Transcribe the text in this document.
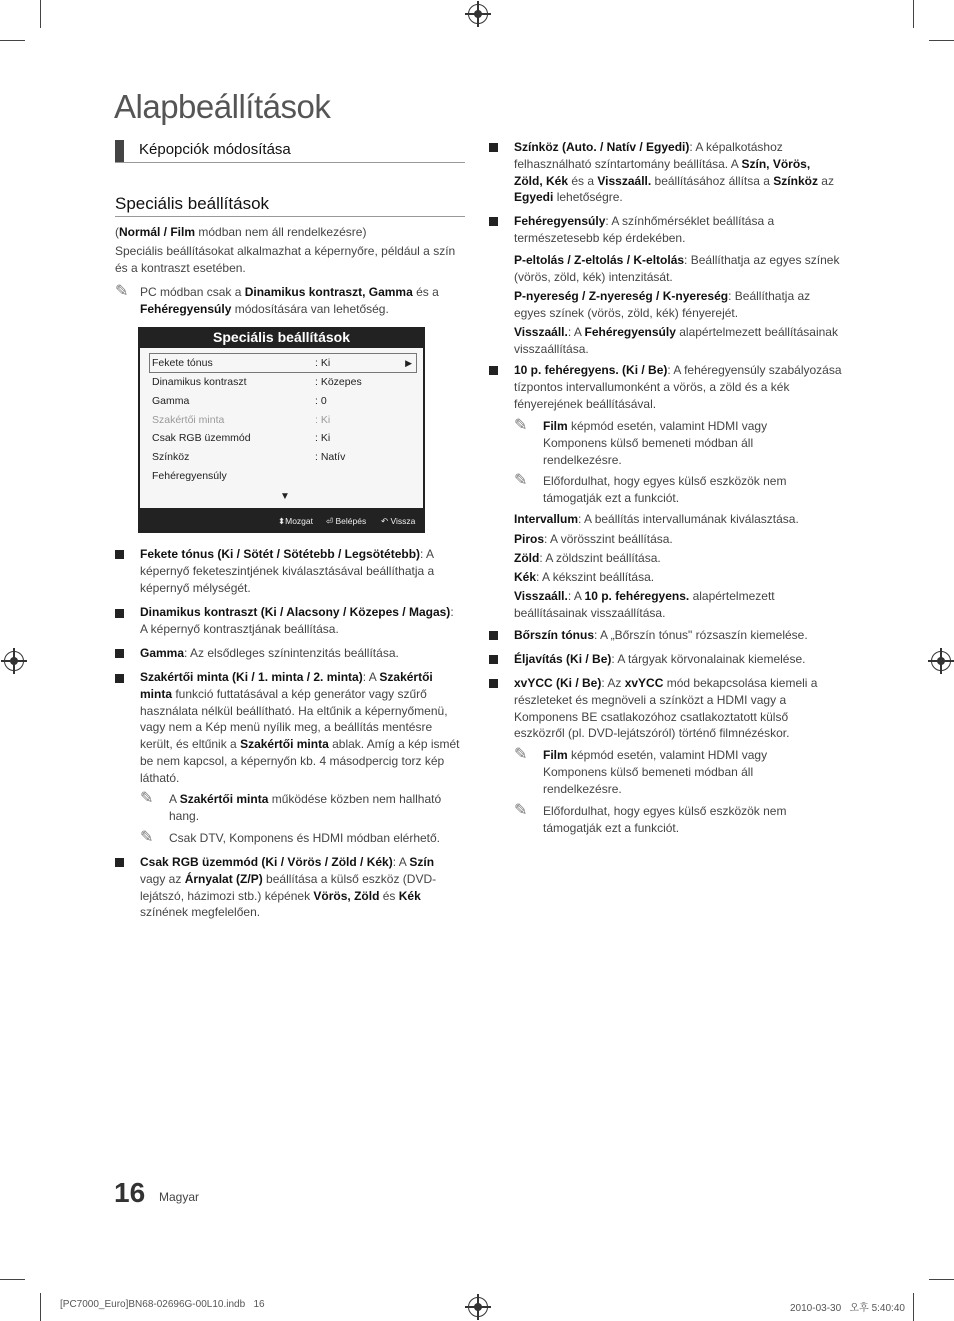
Alapbeállítások
Képopciók módosítása
Speciális beállítások

(Normál / Film módban nem áll rendelkezésre)

Speciális beállításokat alkalmazhat a képernyőre, például a szín és a kontraszt esetében.

✎ PC módban csak a Dinamikus kontraszt, Gamma és a Fehéregyensúly módosítására van lehetőség.

Speciális beállítások
Fekete tónus	: Ki	▶
Dinamikus kontraszt	: Közepes
Gamma	: 0
Szakértői minta	: Ki
Csak RGB üzemmód	: Ki
Színköz	: Natív
Fehéregyensúly
▼
⬍Mozgat ⏎ Belépés ↶ Vissza

Fekete tónus (Ki / Sötét / Sötétebb / Legsötétebb): A képernyő feketeszintjének kiválasztásával beállíthatja a képernyő mélységét.

Dinamikus kontraszt (Ki / Alacsony / Közepes / Magas): A képernyő kontrasztjának beállítása.

Gamma: Az elsődleges színintenzitás beállítása.

Szakértői minta (Ki / 1. minta / 2. minta): A Szakértői minta funkció futtatásával a kép generátor vagy szűrő használata nélkül beállítható. Ha eltűnik a képernyőmenü, vagy nem a Kép menü nyílik meg, a beállítás mentésre került, és eltűnik a Szakértői minta ablak. Amíg a kép ismét be nem kapcsol, a képernyőn kb. 4 másodpercig torz kép látható.

✎ A Szakértői minta működése közben nem hallható hang.

✎ Csak DTV, Komponens és HDMI módban elérhető.

Csak RGB üzemmód (Ki / Vörös / Zöld / Kék): A Szín vagy az Árnyalat (Z/P) beállítása a külső eszköz (DVD-lejátszó, házimozi stb.) képének Vörös, Zöld és Kék színének megfelelően.

Színköz (Auto. / Natív / Egyedi): A képalkotáshoz felhasználható színtartomány beállítása. A Szín, Vörös, Zöld, Kék és a Visszaáll. beállításához állítsa a Színköz az Egyedi lehetőségre.

Fehéregyensúly: A színhőmérséklet beállítása a természetesebb kép érdekében.

P-eltolás / Z-eltolás / K-eltolás: Beállíthatja az egyes színek (vörös, zöld, kék) intenzitását.

P-nyereség / Z-nyereség / K-nyereség: Beállíthatja az egyes színek (vörös, zöld, kék) fényerejét.

Visszaáll.: A Fehéregyensúly alapértelmezett beállításainak visszaállítása.

10 p. fehéregyens. (Ki / Be): A fehéregyensúly szabályozása tízpontos intervallumonként a vörös, a zöld és a kék fényerejének beállításával.

✎ Film képmód esetén, valamint HDMI vagy Komponens külső bemeneti módban áll rendelkezésre.

✎ Előfordulhat, hogy egyes külső eszközök nem támogatják ezt a funkciót.

Intervallum: A beállítás intervallumának kiválasztása.

Piros: A vörösszint beállítása.

Zöld: A zöldszint beállítása.

Kék: A kékszint beállítása.

Visszaáll.: A 10 p. fehéregyens. alapértelmezett beállításainak visszaállítása.

Bőrszín tónus: A „Bőrszín tónus" rózsaszín kiemelése.

Éljavítás (Ki / Be): A tárgyak körvonalainak kiemelése.

xvYCC (Ki / Be): Az xvYCC mód bekapcsolása kiemeli a részleteket és megnöveli a színközt a HDMI vagy a Komponens BE csatlakozóhoz csatlakoztatott külső eszközről (pl. DVD-lejátszóról) történő filmnézéskor.

✎ Film képmód esetén, valamint HDMI vagy Komponens külső bemeneti módban áll rendelkezésre.

✎ Előfordulhat, hogy egyes külső eszközök nem támogatják ezt a funkciót.

16 Magyar
[PC7000_Euro]BN68-02696G-00L10.indb   16	2010-03-30   오후 5:40:40
